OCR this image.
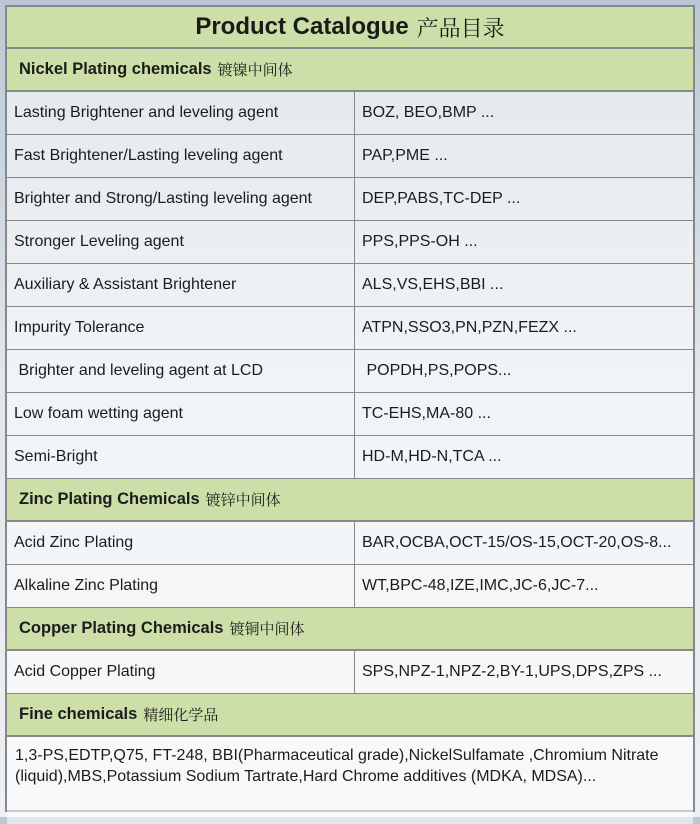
Product Catalogue 产品目录
Nickel Plating chemicals 镀镍中间体
Lasting Brightener and leveling agent	BOZ, BEO,BMP ...
Fast Brightener/Lasting leveling agent	PAP,PME ...
Brighter and Strong/Lasting leveling agent	DEP,PABS,TC-DEP ...
Stronger Leveling agent	PPS,PPS-OH ...
Auxiliary & Assistant Brightener	ALS,VS,EHS,BBI ...
Impurity Tolerance	ATPN,SSO3,PN,PZN,FEZX ...
Brighter and leveling agent at LCD	POPDH,PS,POPS...
Low foam wetting agent	TC-EHS,MA-80 ...
Semi-Bright	HD-M,HD-N,TCA ...
Zinc Plating Chemicals 镀锌中间体
Acid Zinc Plating	BAR,OCBA,OCT-15/OS-15,OCT-20,OS-8...
Alkaline Zinc Plating	WT,BPC-48,IZE,IMC,JC-6,JC-7...
Copper Plating Chemicals 镀铜中间体
Acid Copper Plating	SPS,NPZ-1,NPZ-2,BY-1,UPS,DPS,ZPS ...
Fine chemicals 精细化学品
1,3-PS,EDTP,Q75, FT-248, BBI(Pharmaceutical grade),NickelSulfamate ,Chromium Nitrate (liquid),MBS,Potassium Sodium Tartrate,Hard Chrome additives (MDKA, MDSA)...
